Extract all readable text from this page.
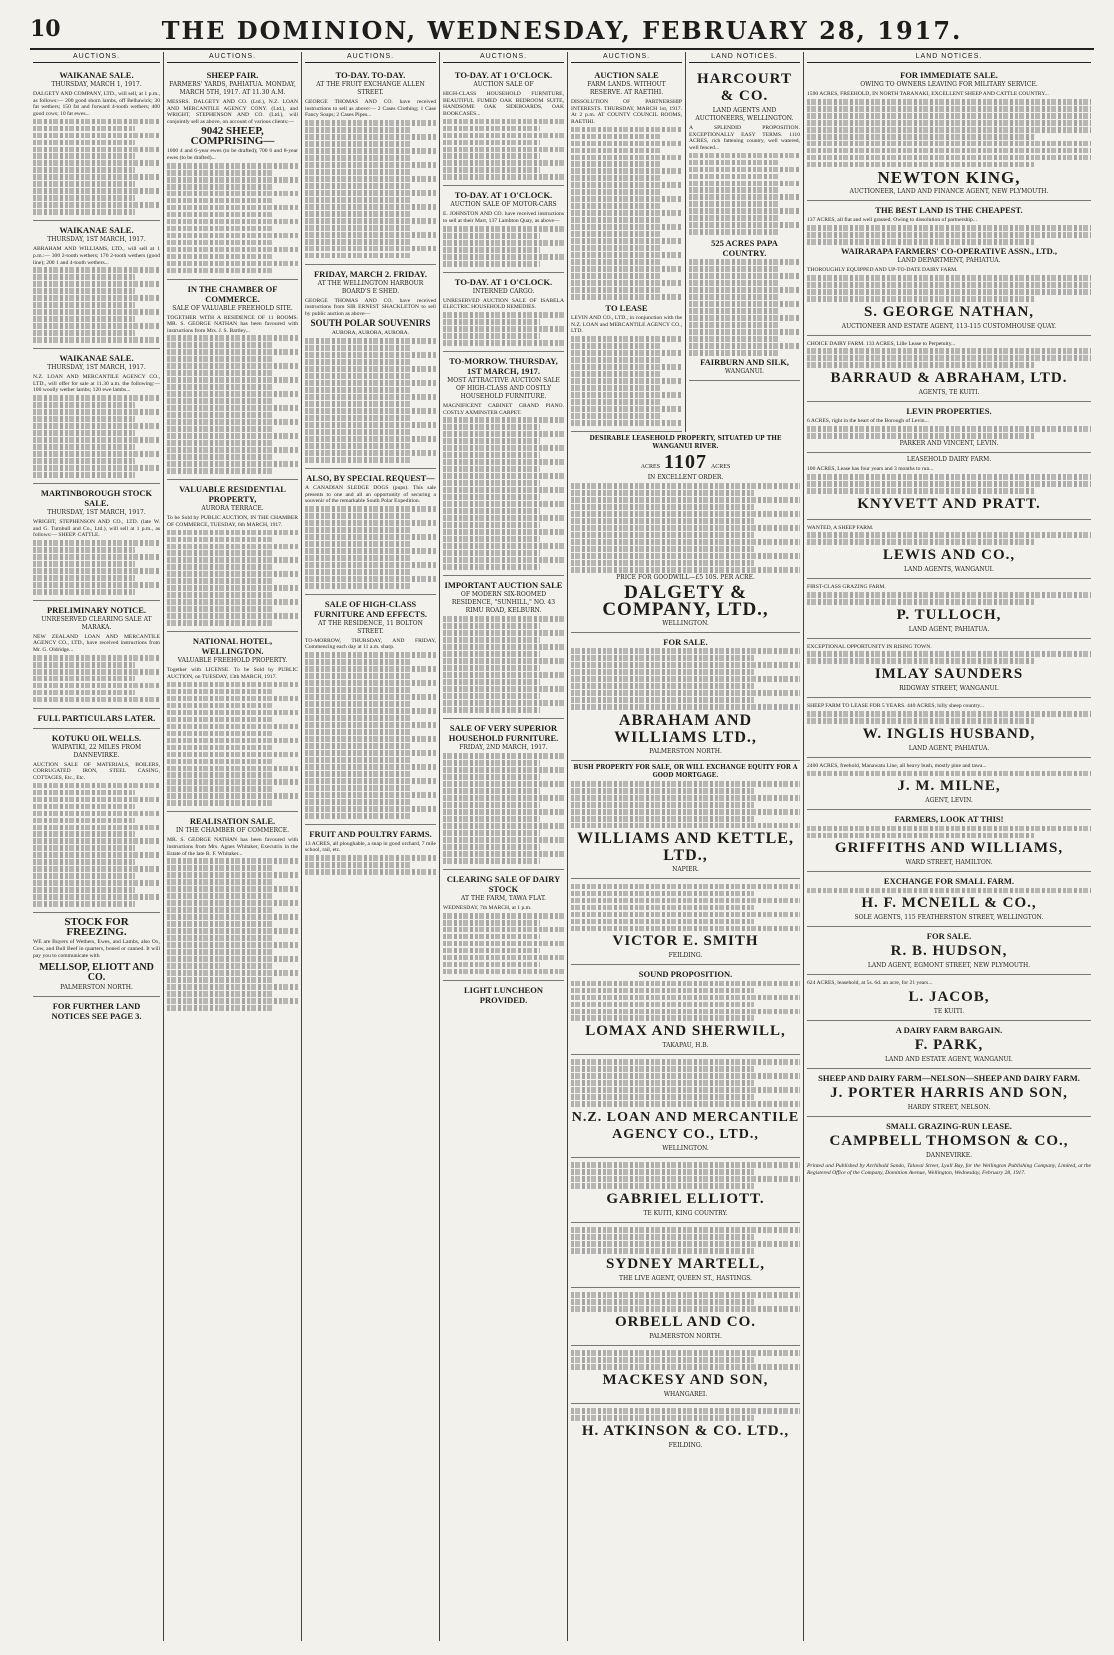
10	THE DOMINION, WEDNESDAY, FEBRUARY 28, 1917.
AUCTIONS.
WAIKANAE SALE.
THURSDAY, MARCH 1, 1917.
DALGETY AND COMPANY, LTD., will sell, at 1 p.m., as follows:— 200 good shorn lambs, off Belhawick; 30 fat wethers; 150 fat and forward 4-tooth wethers; 400 good cows; 10 fat ewes...
WAIKANAE SALE.
THURSDAY, 1ST MARCH, 1917.
ABRAHAM AND WILLIAMS, LTD., will sell at 1 p.m.:— 300 2-tooth wethers; 170 2-tooth wethers (good line); 200 1 and 4-tooth wethers...
WAIKANAE SALE.
THURSDAY, 1ST MARCH, 1917.
N.Z. LOAN AND MERCANTILE AGENCY CO., LTD., will offer for sale at 11.30 a.m. the following:— 100 woolly wether lambs; 120 ewe lambs...
MARTINBOROUGH STOCK SALE.
THURSDAY, 1ST MARCH, 1917.
WRIGHT, STEPHENSON AND CO., LTD. (late W. and G. Turnbull and Co., Ltd.), will sell at 1 p.m., as follows:— SHEEP. CATTLE.
PRELIMINARY NOTICE.
UNRESERVED CLEARING SALE AT MARAKA.
NEW ZEALAND LOAN AND MERCANTILE AGENCY CO., LTD., have received instructions from Mr. G. Oldridge...
FULL PARTICULARS LATER.
KOTUKU OIL WELLS.
WAIPATIKI, 22 MILES FROM DANNEVIRKE.
AUCTION SALE OF MATERIALS, BOILERS, CORRUGATED IRON, STEEL CASING, COTTAGES, Etc., Etc.
STOCK FOR FREEZING.
WE are Buyers of Wethers, Ewes, and Lambs, also Ox, Cow, and Bull Beef in quarters, boned or canned. It will pay you to communicate with
MELLSOP, ELIOTT AND CO.
PALMERSTON NORTH.
FOR FURTHER LAND NOTICES SEE PAGE 3.
AUCTIONS.
SHEEP FAIR.
FARMERS' YARDS, PAHIATUA. MONDAY, MARCH 5TH, 1917. AT 11.30 A.M.
MESSRS. DALGETY AND CO. (Ltd.), N.Z. LOAN AND MERCANTILE AGENCY CONY. (Ltd.), and WRIGHT, STEPHENSON AND CO. (Ltd.), will conjointly sell as above, on account of various clients:—
9042 SHEEP, COMPRISING—
1000 4 and 6-year ewes (to be drafted); 700 6 and 8-year ewes (to be drafted)...
IN THE CHAMBER OF COMMERCE.
SALE OF VALUABLE FREEHOLD SITE.
TOGETHER WITH A RESIDENCE OF 11 ROOMS. MR. S. GEORGE NATHAN has been favoured with instructions from Mrs. J. S. Bartley...
VALUABLE RESIDENTIAL PROPERTY,
AURORA TERRACE.
To be Sold by PUBLIC AUCTION, IN THE CHAMBER OF COMMERCE, TUESDAY, 6th MARCH, 1917.
NATIONAL HOTEL, WELLINGTON.
VALUABLE FREEHOLD PROPERTY.
Together with LICENSE. To be Sold by PUBLIC AUCTION, on TUESDAY, 13th MARCH, 1917.
REALISATION SALE.
IN THE CHAMBER OF COMMERCE.
MR. S. GEORGE NATHAN has been favoured with instructions from Mrs. Agnes Whitaker, Executrix in the Estate of the late R. F. Whitaker...
AUCTIONS.
TO-DAY. TO-DAY.
AT THE FRUIT EXCHANGE ALLEN STREET.
GEORGE THOMAS AND CO. have received instructions to sell as above:— 2 Cases Clothing; 1 Case Fancy Soaps; 2 Cases Pipes...
FRIDAY, MARCH 2. FRIDAY.
AT THE WELLINGTON HARBOUR BOARD'S E SHED.
GEORGE THOMAS AND CO. have received instructions from SIR ERNEST SHACKLETON to sell by public auction as above—
SOUTH POLAR SOUVENIRS
AURORA, AURORA, AURORA.
ALSO, BY SPECIAL REQUEST—
A CANADIAN SLEDGE DOGS (pups). This sale presents to one and all an opportunity of securing a souvenir of the remarkable South Polar Expedition.
SALE OF HIGH-CLASS FURNITURE AND EFFECTS.
AT THE RESIDENCE, 11 BOLTON STREET.
TO-MORROW, THURSDAY, AND FRIDAY, Commencing each day at 11 a.m. sharp.
FRUIT AND POULTRY FARMS.
13 ACRES, all ploughable, a snap in good orchard, 7 mile school, rail, etc.
AUCTIONS.
TO-DAY. AT 1 O'CLOCK.
AUCTION SALE OF
HIGH-CLASS HOUSEHOLD FURNITURE, BEAUTIFUL FUMED OAK BEDROOM SUITE, HANDSOME OAK SIDEBOARDS, OAK BOOKCASES...
TO-DAY. AT 1 O'CLOCK.
AUCTION SALE OF MOTOR-CARS
E. JOHNSTON AND CO. have received instructions to sell at their Mart, 137 Lambton Quay, as above—
TO-DAY. AT 1 O'CLOCK.
INTERNED CARGO.
UNRESERVED AUCTION SALE OF ISABELA ELECTRIC HOUSEHOLD REMEDIES.
TO-MORROW. THURSDAY, 1ST MARCH, 1917.
MOST ATTRACTIVE AUCTION SALE OF HIGH-CLASS AND COSTLY HOUSEHOLD FURNITURE.
MAGNIFICENT CABINET GRAND PIANO. COSTLY AXMINSTER CARPET.
IMPORTANT AUCTION SALE
OF MODERN SIX-ROOMED RESIDENCE, "SUNHILL," NO. 43 RIMU ROAD, KELBURN.
SALE OF VERY SUPERIOR HOUSEHOLD FURNITURE.
FRIDAY, 2ND MARCH, 1917.
CLEARING SALE OF DAIRY STOCK
AT THE FARM, TAWA FLAT.
WEDNESDAY, 7th MARCH, at 1 p.m.
LIGHT LUNCHEON PROVIDED.
AUCTIONS.
AUCTION SALE
FARM LANDS. WITHOUT RESERVE. AT RAETIHI.
DISSOLUTION OF PARTNERSHIP INTERESTS. THURSDAY, MARCH 1st, 1917. At 2 p.m. AT COUNTY COUNCIL ROOMS, RAETIHI.
TO LEASE
LEVIN AND CO., LTD., in conjunction with the N.Z. LOAN and MERCANTILE AGENCY CO., LTD.
LAND NOTICES.
HARCOURT & CO.
LAND AGENTS AND AUCTIONEERS, WELLINGTON.
A SPLENDID PROPOSITION. EXCEPTIONALLY EASY TERMS. 1110 ACRES, rich fattening country, well watered, well fenced...
525 ACRES PAPA COUNTRY.
FAIRBURN AND SILK,
WANGANUI.
DESIRABLE LEASEHOLD PROPERTY, SITUATED UP THE WANGANUI RIVER.
ACRES 1107 ACRES
IN EXCELLENT ORDER.
PRICE FOR GOODWILL—£5 10S. PER ACRE.
DALGETY & COMPANY, LTD.,
WELLINGTON.
FOR SALE.
ABRAHAM AND WILLIAMS LTD.,
PALMERSTON NORTH.
BUSH PROPERTY FOR SALE, OR WILL EXCHANGE EQUITY FOR A GOOD MORTGAGE.
WILLIAMS AND KETTLE, LTD.,
NAPIER.
VICTOR E. SMITH
FEILDING.
SOUND PROPOSITION.
LOMAX AND SHERWILL,
TAKAPAU, H.B.
N.Z. LOAN AND MERCANTILE AGENCY CO., LTD.,
WELLINGTON.
GABRIEL ELLIOTT.
TE KUITI, KING COUNTRY.
SYDNEY MARTELL,
THE LIVE AGENT, QUEEN ST., HASTINGS.
ORBELL AND CO.
PALMERSTON NORTH.
MACKESY AND SON,
WHANGAREI.
H. ATKINSON & CO. LTD.,
FEILDING.
LAND NOTICES.
FOR IMMEDIATE SALE.
OWING TO OWNERS LEAVING FOR MILITARY SERVICE.
1590 ACRES, FREEHOLD, IN NORTH TARANAKI, EXCELLENT SHEEP AND CATTLE COUNTRY...
NEWTON KING,
AUCTIONEER, LAND AND FINANCE AGENT, NEW PLYMOUTH.
THE BEST LAND IS THE CHEAPEST.
137 ACRES, all flat and well grassed. Owing to dissolution of partnership...
WAIRARAPA FARMERS' CO-OPERATIVE ASSN., LTD.,
LAND DEPARTMENT, PAHIATUA.
THOROUGHLY EQUIPPED AND UP-TO-DATE DAIRY FARM.
S. GEORGE NATHAN,
AUCTIONEER AND ESTATE AGENT, 113-115 CUSTOMHOUSE QUAY.
CHOICE DAIRY FARM. 133 ACRES, Lille Lease to Perpetuity...
BARRAUD & ABRAHAM, LTD.
AGENTS, TE KUITI.
LEVIN PROPERTIES.
6 ACRES, right in the heart of the Borough of Levin...
PARKER AND VINCENT, LEVIN.
LEASEHOLD DAIRY FARM.
100 ACRES, Lease has four years and 3 months to run...
KNYVETT AND PRATT.
WANTED, A SHEEP FARM.
LEWIS AND CO.,
LAND AGENTS, WANGANUI.
FIRST-CLASS GRAZING FARM.
P. TULLOCH,
LAND AGENT, PAHIATUA.
EXCEPTIONAL OPPORTUNITY IN RISING TOWN.
IMLAY SAUNDERS
RIDGWAY STREET, WANGANUI.
SHEEP FARM TO LEASE FOR 5 YEARS. 440 ACRES, hilly sheep country...
W. INGLIS HUSBAND,
LAND AGENT, PAHIATUA.
2400 ACRES, freehold, Manawatu Line, all heavy bush, mostly pine and tawa...
J. M. MILNE,
AGENT, LEVIN.
FARMERS, LOOK AT THIS!
GRIFFITHS AND WILLIAMS,
WARD STREET, HAMILTON.
EXCHANGE FOR SMALL FARM.
H. F. MCNEILL & CO.,
SOLE AGENTS, 115 FEATHERSTON STREET, WELLINGTON.
FOR SALE.
R. B. HUDSON,
LAND AGENT, EGMONT STREET, NEW PLYMOUTH.
624 ACRES, leasehold, at 5s. 6d. an acre, for 21 years...
L. JACOB,
TE KUITI.
A DAIRY FARM BARGAIN.
F. PARK,
LAND AND ESTATE AGENT, WANGANUI.
SHEEP AND DAIRY FARM—NELSON—SHEEP AND DAIRY FARM.
J. PORTER HARRIS AND SON,
HARDY STREET, NELSON.
SMALL GRAZING-RUN LEASE.
CAMPBELL THOMSON & CO.,
DANNEVIRKE.
Printed and Published by Archibald Sando, Talavai Street, Lyall Bay, for the Wellington Publishing Company, Limited, at the Registered Office of the Company, Dominion Avenue, Wellington, Wednesday, February 28, 1917.
